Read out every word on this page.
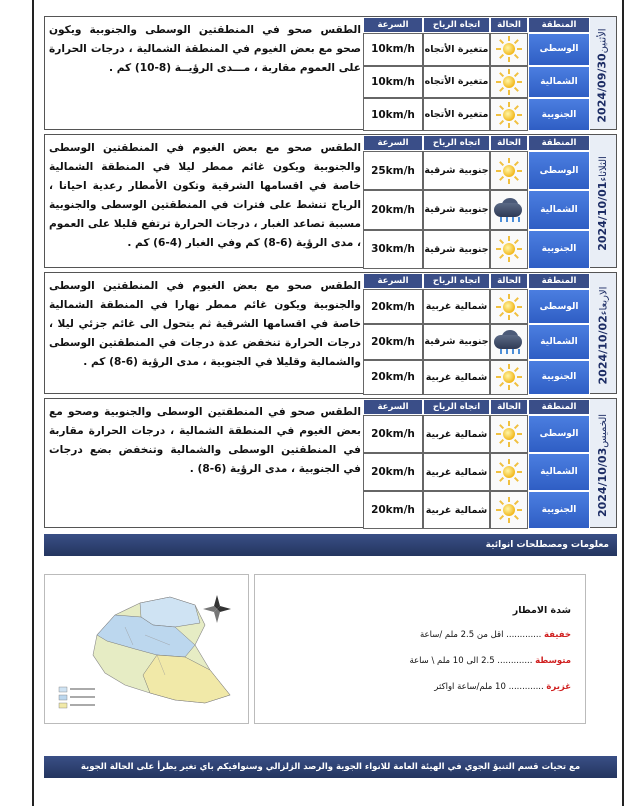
الأثنين2024/09/30
المنطقة
الحالة
اتجاه الرياح
السرعة
الوسطى
متغيرة الأتجاه
10km/h
الشمالية
متغيرة الأتجاه
10km/h
الجنوبية
متغيرة الأتجاه
10km/h
الطقس صحو في المنطقتين الوسطى والجنوبية ويكون صحو مع بعض الغيوم في المنطقة الشمالية ، درجات الحرارة على العموم مقاربة ، مـــدى الرؤيــة (8-10) كم .
الثلاثاء2024/10/01
المنطقة
الحالة
اتجاه الرياح
السرعة
الوسطى
جنوبية شرقية
25km/h
الشمالية
جنوبية شرقية
20km/h
الجنوبية
جنوبية شرقية
30km/h
الطقس صحو مع بعض الغيوم في المنطقتين الوسطى والجنوبية ويكون غائم ممطر ليلا في المنطقة الشمالية خاصة في اقسامها الشرقية وتكون الأمطار رعدية احيانا ، الرياح تنشط على فترات في المنطقتين الوسطى والجنوبية مسببة تصاعد الغبار ، درجات الحرارة ترتفع قليلا على العموم ، مدى الرؤية (6-8) كم وفي الغبار (4-6) كم .
الاربعاء2024/10/02
المنطقة
الحالة
اتجاه الرياح
السرعة
الوسطى
شمالية غربية
20km/h
الشمالية
جنوبية شرقية
20km/h
الجنوبية
شمالية غربية
20km/h
الطقس صحو مع بعض الغيوم في المنطقتين الوسطى والجنوبية ويكون غائم ممطر نهارا في المنطقة الشمالية خاصة في اقسامها الشرقية ثم يتحول الى غائم جزئي ليلا ، درجات الحرارة تنخفض عدة درجات في المنطقتين الوسطى والشمالية وقليلا في الجنوبية ، مدى الرؤية (6-8) كم .
الخميس2024/10/03
المنطقة
الحالة
اتجاه الرياح
السرعة
الوسطى
شمالية غربية
20km/h
الشمالية
شمالية غربية
20km/h
الجنوبية
شمالية غربية
20km/h
الطقس صحو في المنطقتين الوسطى والجنوبية وصحو مع بعض الغيوم في المنطقة الشمالية ، درجات الحرارة مقاربة في المنطقتين الوسطى والشمالية وتنخفض بضع درجات في الجنوبية ، مدى الرؤية (6-8) .
معلومات ومصطلحات انوائية
شدة الامطار
خفيفة ............. اقل من 2.5 ملم /ساعة
متوسطة ............. 2.5 الى 10 ملم \ ساعة
غزيرة ............. 10 ملم/ساعة اواكثر
مع تحيات قسم التنبؤ الجوي في الهيئة العامة للانواء الجوية والرصد الزلزالي وسنوافيكم باي تغير يطرأ على الحالة الجوية
